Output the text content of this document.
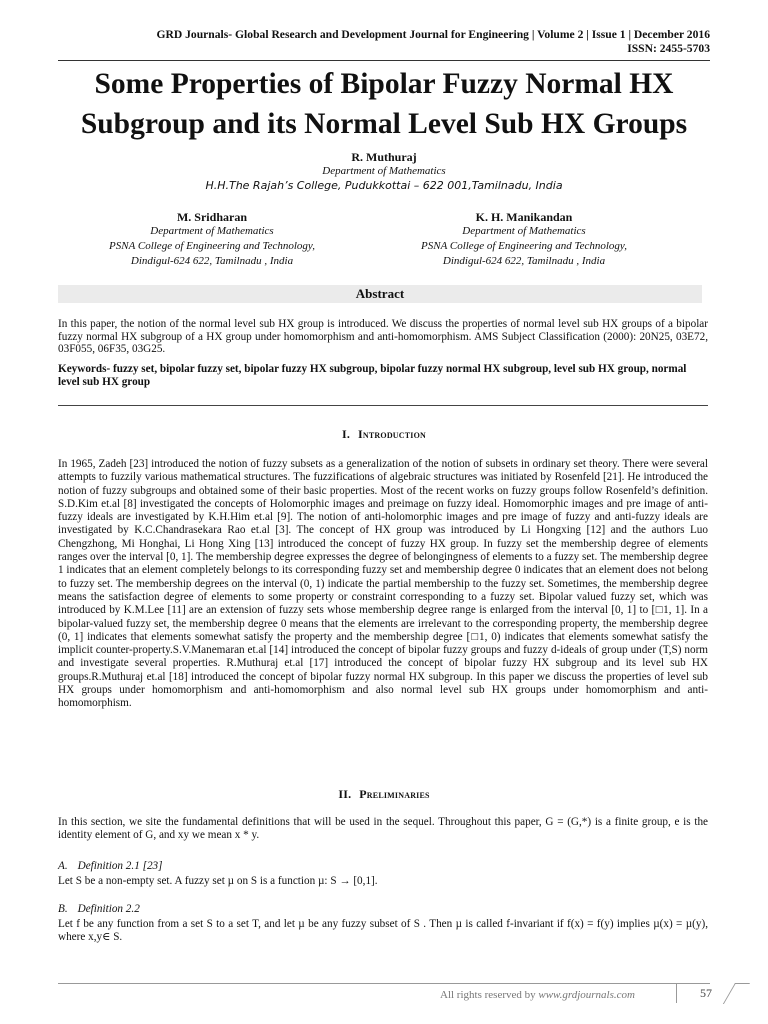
GRD Journals- Global Research and Development Journal for Engineering | Volume 2 | Issue 1 | December 2016
ISSN: 2455-5703
Some Properties of Bipolar Fuzzy Normal HX
Subgroup and its Normal Level Sub HX Groups
R. Muthuraj
Department of Mathematics
H.H.The Rajah’s College, Pudukkottai – 622 001,Tamilnadu, India
M. Sridharan
Department of Mathematics
PSNA College of Engineering and Technology,
Dindigul-624 622, Tamilnadu , India
K. H. Manikandan
Department of Mathematics
PSNA College of Engineering and Technology,
Dindigul-624 622, Tamilnadu , India
Abstract

In this paper, the notion of the normal level sub HX group is introduced. We discuss the properties of normal level sub HX groups of a bipolar fuzzy normal HX subgroup of a HX group under homomorphism and anti-homomorphism. AMS Subject Classification (2000): 20N25, 03E72, 03F055, 06F35, 03G25.

Keywords- fuzzy set, bipolar fuzzy set, bipolar fuzzy HX subgroup, bipolar fuzzy normal HX subgroup, level sub HX group, normal level sub HX group

I. Introduction

In 1965, Zadeh [23] introduced the notion of fuzzy subsets as a generalization of the notion of subsets in ordinary set theory. There were several attempts to fuzzily various mathematical structures. The fuzzifications of algebraic structures was initiated by Rosenfeld [21]. He introduced the notion of fuzzy subgroups and obtained some of their basic properties. Most of the recent works on fuzzy groups follow Rosenfeld’s definition. S.D.Kim et.al [8] investigated the concepts of Holomorphic images and preimage on fuzzy ideal. Homomorphic images and pre image of anti-fuzzy ideals are investigated by K.H.Him et.al [9]. The notion of anti-holomorphic images and pre image of fuzzy and anti-fuzzy ideals are investigated by K.C.Chandrasekara Rao et.al [3]. The concept of HX group was introduced by Li Hongxing [12] and the authors Luo Chengzhong, Mi Honghai, Li Hong Xing [13] introduced the concept of fuzzy HX group. In fuzzy set the membership degree of elements ranges over the interval [0, 1]. The membership degree expresses the degree of belongingness of elements to a fuzzy set. The membership degree 1 indicates that an element completely belongs to its corresponding fuzzy set and membership degree 0 indicates that an element does not belong to fuzzy set. The membership degrees on the interval (0, 1) indicate the partial membership to the fuzzy set. Sometimes, the membership degree means the satisfaction degree of elements to some property or constraint corresponding to a fuzzy set. Bipolar valued fuzzy set, which was introduced by K.M.Lee [11] are an extension of fuzzy sets whose membership degree range is enlarged from the interval [0, 1] to [□1, 1]. In a bipolar-valued fuzzy set, the membership degree 0 means that the elements are irrelevant to the corresponding property, the membership degree (0, 1] indicates that elements somewhat satisfy the property and the membership degree [□1, 0) indicates that elements somewhat satisfy the implicit counter-property.S.V.Manemaran et.al [14] introduced the concept of bipolar fuzzy groups and fuzzy d-ideals of group under (T,S) norm and investigate several properties. R.Muthuraj et.al [17] introduced the concept of bipolar fuzzy HX subgroup and its level sub HX groups.R.Muthuraj et.al [18] introduced the concept of bipolar fuzzy normal HX subgroup. In this paper we discuss the properties of level sub HX groups under homomorphism and anti-homomorphism and also normal level sub HX groups under homomorphism and anti-homomorphism.

II. Preliminaries

In this section, we site the fundamental definitions that will be used in the sequel. Throughout this paper, G = (G,*) is a finite group, e is the identity element of G, and xy we mean x * y.

A. Definition 2.1 [23]

Let S be a non-empty set. A fuzzy set µ on S is a function µ: S → [0,1].

B. Definition 2.2

Let f be any function from a set S to a set T, and let µ be any fuzzy subset of S . Then µ is called f-invariant if f(x) = f(y) implies µ(x) = µ(y), where x,y∈ S.

All rights reserved by www.grdjournals.com	57
